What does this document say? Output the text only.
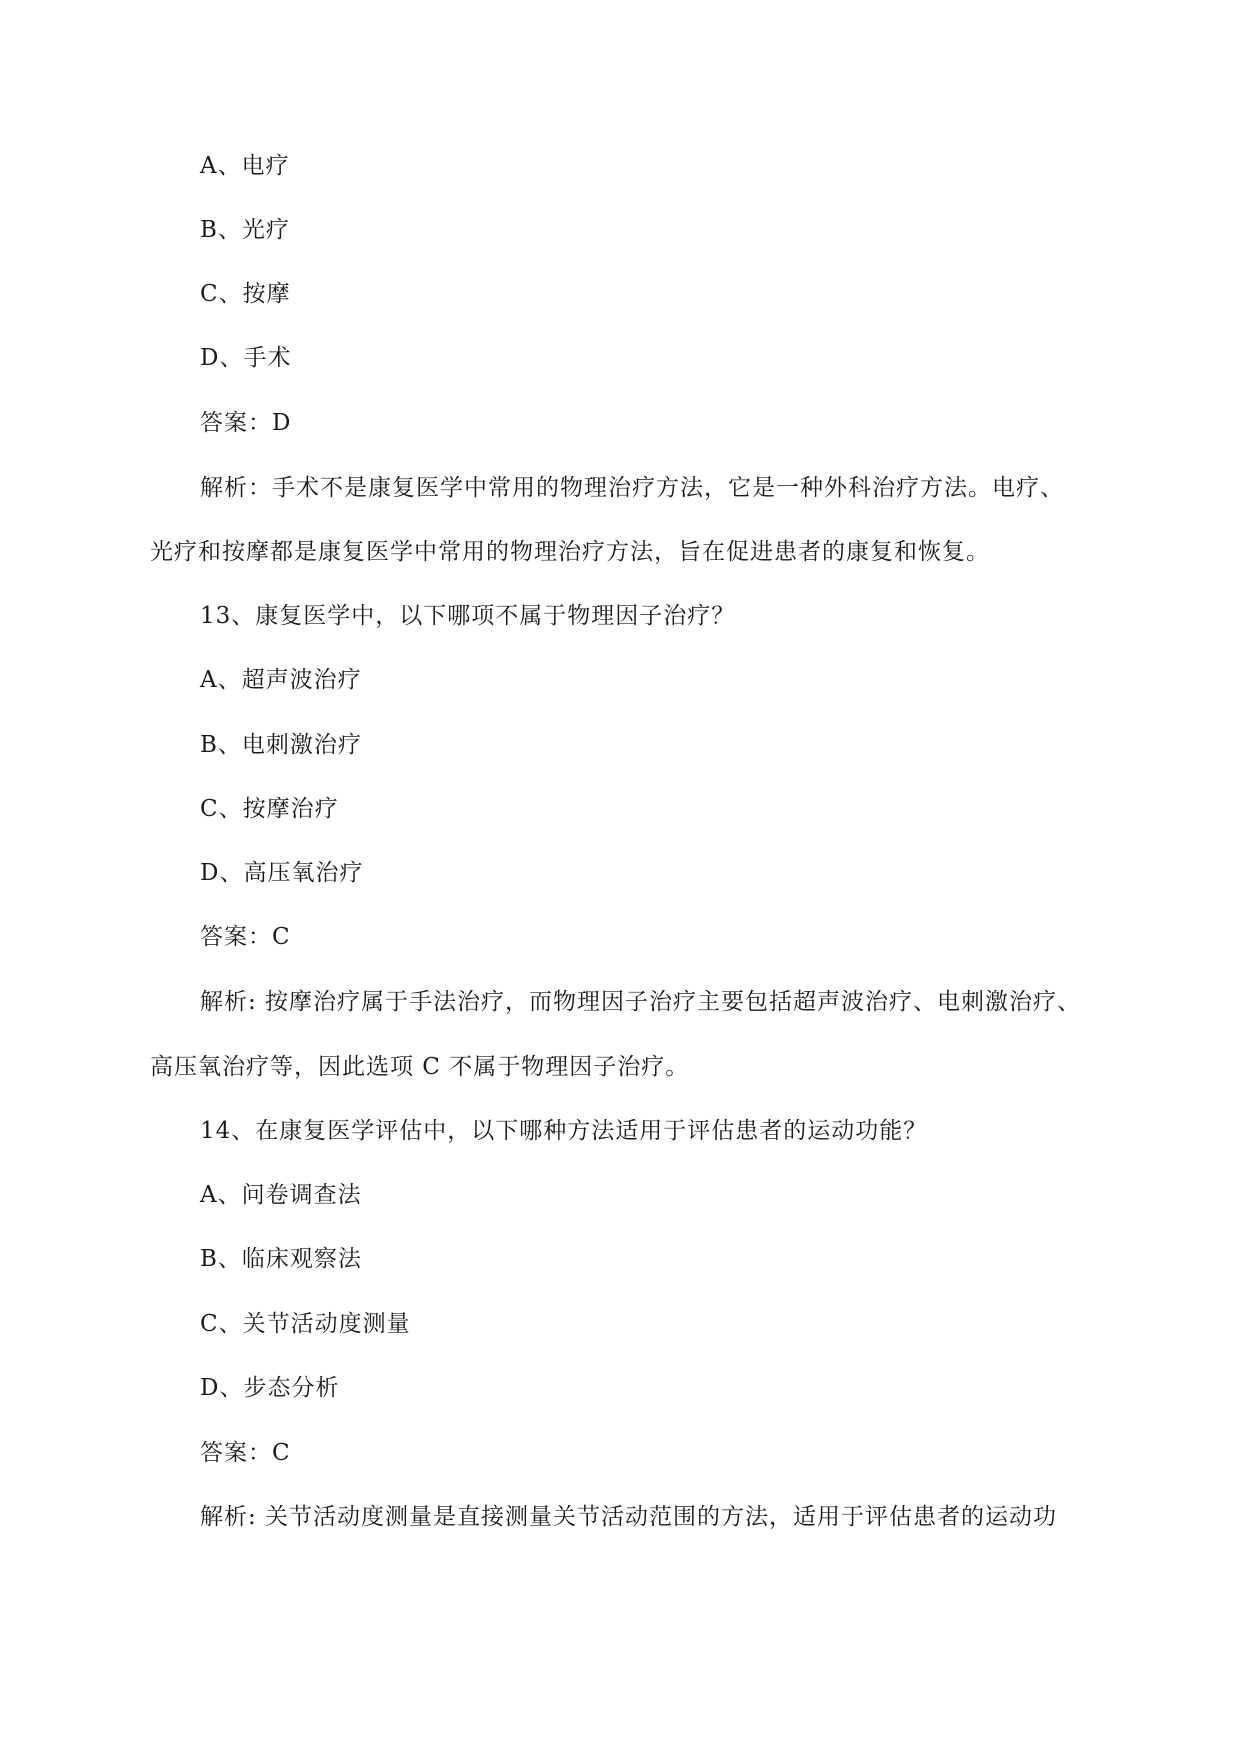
A、电疗
B、光疗
C、按摩
D、手术
答案：D
解析：手术不是康复医学中常用的物理治疗方法，它是一种外科治疗方法。电疗、
光疗和按摩都是康复医学中常用的物理治疗方法，旨在促进患者的康复和恢复。
13、康复医学中，以下哪项不属于物理因子治疗？
A、超声波治疗
B、电刺激治疗
C、按摩治疗
D、高压氧治疗
答案：C
解析: 按摩治疗属于手法治疗，而物理因子治疗主要包括超声波治疗、电刺激治疗、
高压氧治疗等，因此选项 C 不属于物理因子治疗。
14、在康复医学评估中，以下哪种方法适用于评估患者的运动功能？
A、问卷调查法
B、临床观察法
C、关节活动度测量
D、步态分析
答案：C
解析: 关节活动度测量是直接测量关节活动范围的方法，适用于评估患者的运动功
